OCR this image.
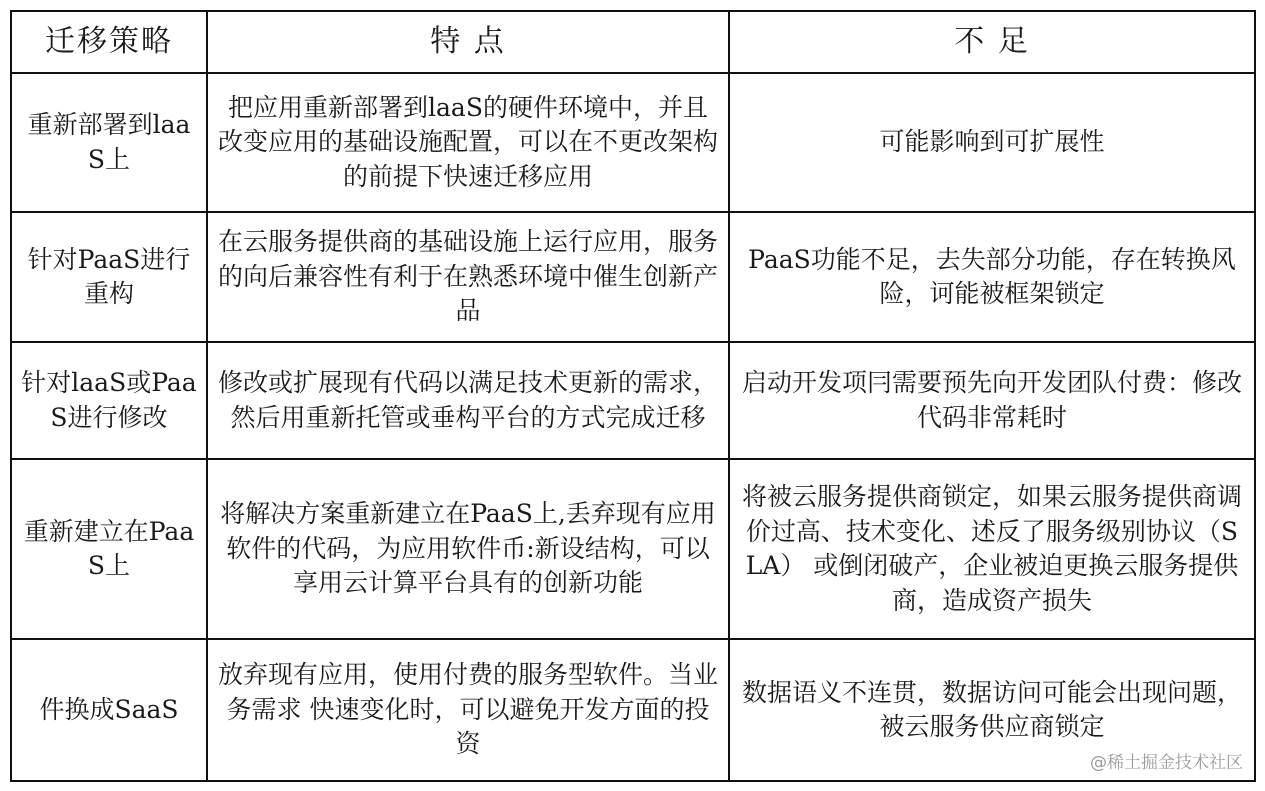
迁移策略	特 点	不 足
重新部署到laaS上	把应用重新部署到laaS的硬件环境中，并且改变应用的基础设施配置，可以在不更改架构的前提下快速迁移应用	可能影响到可扩展性
针对PaaS进行重构	在云服务提供商的基础设施上运行应用，服务的向后兼容性有利于在熟悉环境中催生创新产品	PaaS功能不足，去失部分功能，存在转换风 险，诃能被框架锁定
针对laaS或PaaS进行修改	修改或扩展现有代码以满足技术更新的需求，然后用重新托管或垂构平台的方式完成迁移	启动开发项冃需要预先向开发团队付费：修改代码非常耗时
重新建立在PaaS上	将解决方案重新建立在PaaS上,丢弃现有应用软件的代码，为应用软件币:新设结构，可以享用云计算平台具有的创新功能	将被云服务提供商锁定，如果云服务提供商调 价过高、技术变化、述反了服务级别协议（SLA） 或倒闭破产，企业被迫更换云服务提供商，造成资产损失
件换成SaaS	放弃现有应用，使用付费的服务型软件。当业务需求 快速变化时，可以避免开发方面的投资	数据语义不连贯，数据访问可能会出现问题，被云服务供应商锁定
@稀土掘金技术社区
